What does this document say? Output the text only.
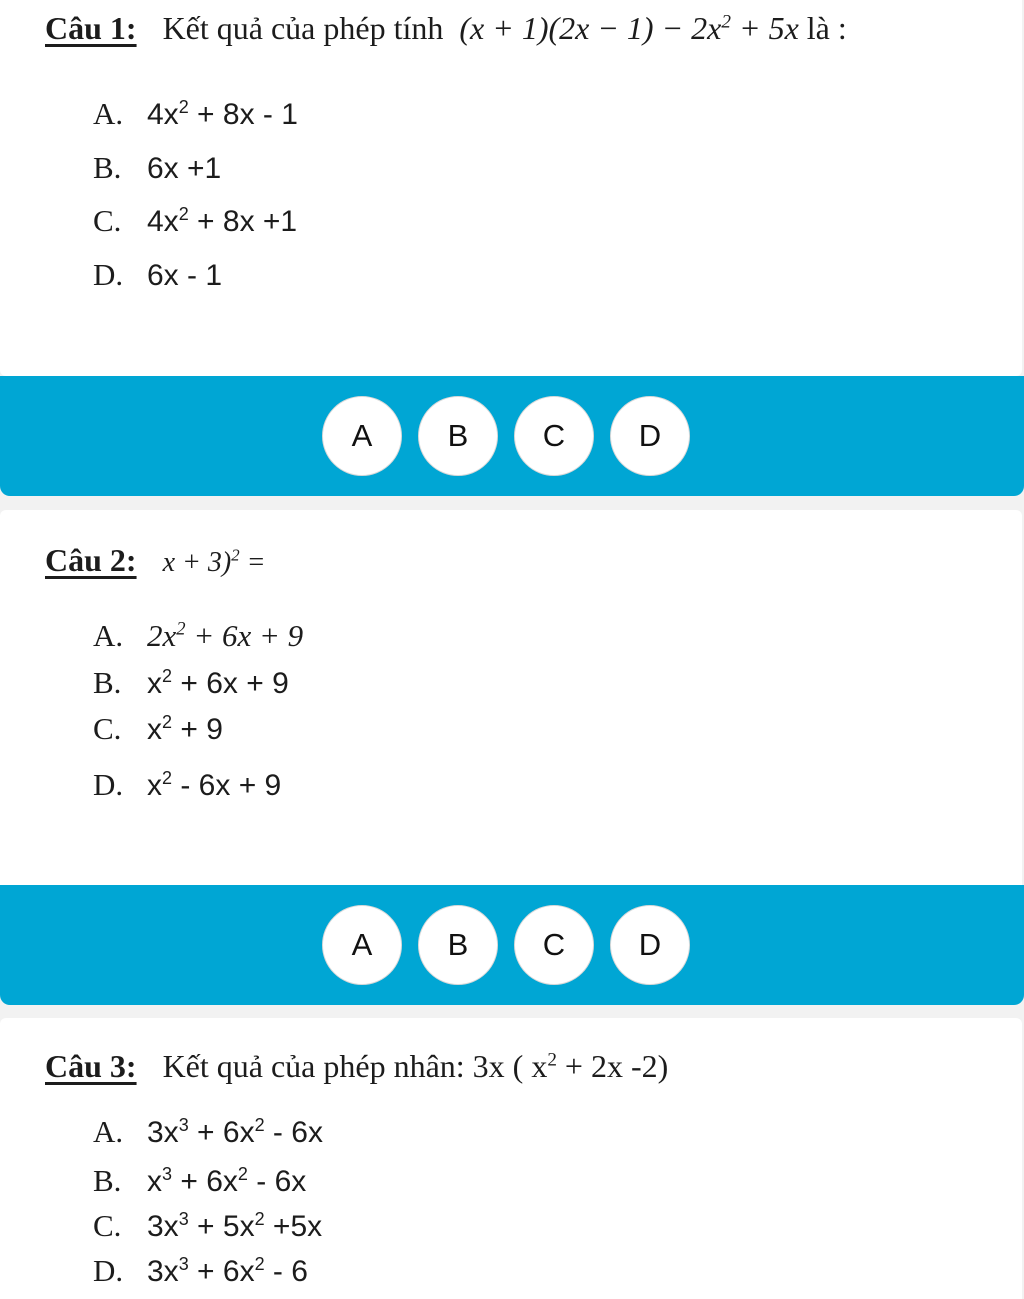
Câu 1: Kết quả của phép tính $(x + 1)(2x - 1) - 2x^2 + 5x$ là :
A. $4x^2 + 8x - 1$
B. 6x +1
C. $4x^2 + 8x +1$
D. 6x - 1
A	B	C	D
Câu 2: x + 3)$^2$ =
A. $2x^2 + 6x + 9$
B. $x^2 + 6x + 9$
C. $x^2 + 9$
D. $x^2 - 6x + 9$
A	B	C	D
Câu 3: Kết quả của phép nhân: 3x ( $x^2 + 2x$ -2)
A. $3x^3 + 6x^2 - 6x$
B. $x^3 + 6x^2 - 6x$
C. $3x^3 + 5x^2 +5x$
D. $3x^3 + 6x^2 - 6$
